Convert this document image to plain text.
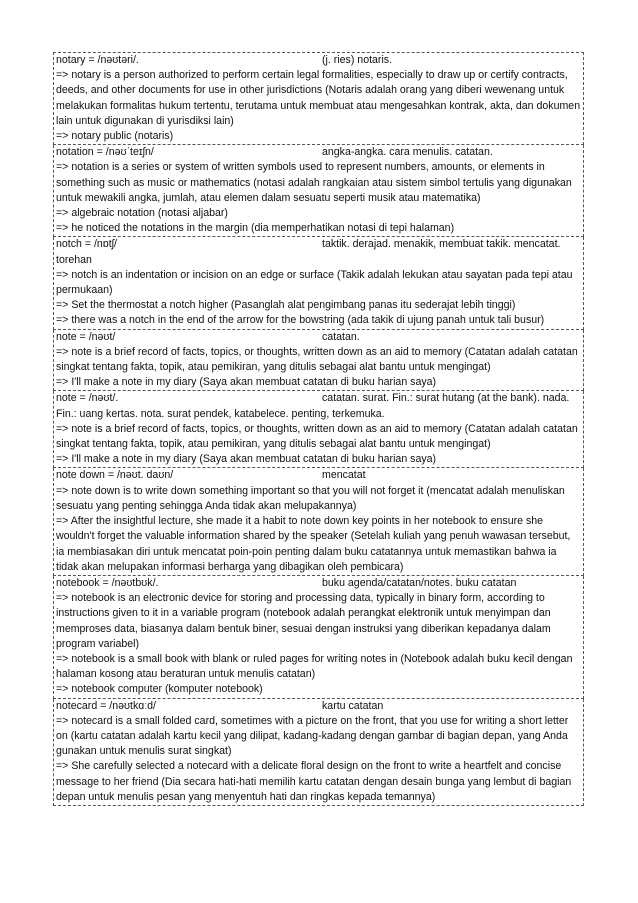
notary = /nəʊtəri/.	(j. ries) notaris.

=> notary is a person authorized to perform certain legal formalities, especially to draw up or certify contracts, deeds, and other documents for use in other jurisdictions (Notaris adalah orang yang diberi wewenang untuk melakukan formalitas hukum tertentu, terutama untuk membuat atau mengesahkan kontrak, akta, dan dokumen lain untuk digunakan di yurisdiksi lain)

=> notary public (notaris)

notation = /nəʊˈteɪʃn/	angka-angka. cara menulis. catatan.

=> notation is a series or system of written symbols used to represent numbers, amounts, or elements in something such as music or mathematics (notasi adalah rangkaian atau sistem simbol tertulis yang digunakan untuk mewakili angka, jumlah, atau elemen dalam sesuatu seperti musik atau matematika)

=> algebraic notation (notasi aljabar)

=> he noticed the notations in the margin (dia memperhatikan notasi di tepi halaman)

notch = /nɒtʃ/	taktik. derajad. menakik, membuat takik. mencatat.

torehan

=> notch is an indentation or incision on an edge or surface (Takik adalah lekukan atau sayatan pada tepi atau permukaan)

=> Set the thermostat a notch higher (Pasanglah alat pengimbang panas itu sederajat lebih tinggi)

=> there was a notch in the end of the arrow for the bowstring (ada takik di ujung panah untuk tali busur)

note = /nəʊt/	catatan.

=> note is a brief record of facts, topics, or thoughts, written down as an aid to memory (Catatan adalah catatan singkat tentang fakta, topik, atau pemikiran, yang ditulis sebagai alat bantu untuk mengingat)

=> I'll make a note in my diary (Saya akan membuat catatan di buku harian saya)

note = /nəʊt/.	catatan. surat. Fin.: surat hutang (at the bank). nada.

Fin.: uang kertas. nota. surat pendek, katabelece. penting, terkemuka.

=> note is a brief record of facts, topics, or thoughts, written down as an aid to memory (Catatan adalah catatan singkat tentang fakta, topik, atau pemikiran, yang ditulis sebagai alat bantu untuk mengingat)

=> I'll make a note in my diary (Saya akan membuat catatan di buku harian saya)

note down = /nəʊt. daʊn/	mencatat

=> note down is to write down something important so that you will not forget it (mencatat adalah menuliskan sesuatu yang penting sehingga Anda tidak akan melupakannya)

=> After the insightful lecture, she made it a habit to note down key points in her notebook to ensure she wouldn't forget the valuable information shared by the speaker (Setelah kuliah yang penuh wawasan tersebut, ia membiasakan diri untuk mencatat poin-poin penting dalam buku catatannya untuk memastikan bahwa ia tidak akan melupakan informasi berharga yang dibagikan oleh pembicara)

notebook = /nəʊtbʊk/.	buku agenda/catatan/notes. buku catatan

=> notebook is an electronic device for storing and processing data, typically in binary form, according to instructions given to it in a variable program (notebook adalah perangkat elektronik untuk menyimpan dan memproses data, biasanya dalam bentuk biner, sesuai dengan instruksi yang diberikan kepadanya dalam program variabel)

=> notebook is a small book with blank or ruled pages for writing notes in (Notebook adalah buku kecil dengan halaman kosong atau beraturan untuk menulis catatan)

=> notebook computer (komputer notebook)

notecard = /nəʊtkɑːd/	kartu catatan

=> notecard is a small folded card, sometimes with a picture on the front, that you use for writing a short letter on (kartu catatan adalah kartu kecil yang dilipat, kadang-kadang dengan gambar di bagian depan, yang Anda gunakan untuk menulis surat singkat)

=> She carefully selected a notecard with a delicate floral design on the front to write a heartfelt and concise message to her friend (Dia secara hati-hati memilih kartu catatan dengan desain bunga yang lembut di bagian depan untuk menulis pesan yang menyentuh hati dan ringkas kepada temannya)
